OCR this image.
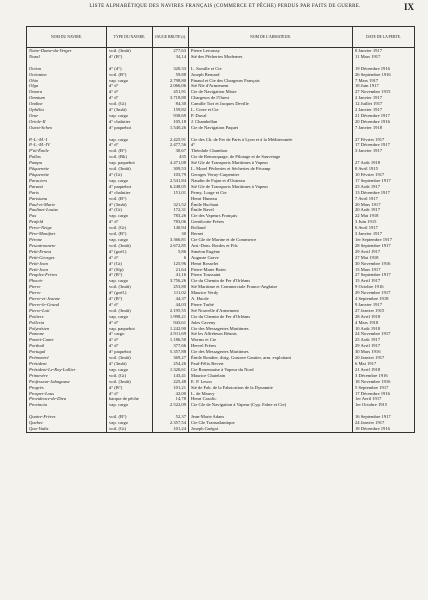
LISTE ALPHABÉTIQUE DES NAVIRES FRANÇAIS (COMMERCE ET PÊCHE) PERDUS PAR FAITS DE GUERRE.	IX
NOM DU NAVIRE.	TYPE DU NAVIRE.	JAUGE BRUTE (t).	NOM DE L'ARMATEUR.	DATE DE LA PERTE.
Notre-Dame-du-Verger	voil. (3mât)	277,63	Pierre Leroussy	8 Janvier 1917
Nozal	d° (B°)	34,14	Sté des Pêcheries Modernes	11 Mars 1917

Océan	d° (d°)	320,33	L. Savalle et Cie	19 Décembre 1916
Océanien	voil. (B°)	59,88	Joseph Bernard	26 Septembre 1916
Ohio	vap. cargo	2.798,80	Pinaud et Cie des Chargeurs Français	7 Mars 1917
Olga	d° d°	2.066,06	Sté Nle d'Armement	18 Juin 1917
Omara	d° d°	451,91	Cie de Navigation Mixte	27 Novembre 1915
Omnium	d° d°	3.718,80	Chargeurs de l'Ouest	2 Janvier 1917
Ondine	voil. (Gt)	84,30	Camille Tort et Jacques Deville	12 Juillet 1917
Ophélia	d° (3mât)	159,82	L. Corre et Cie	2 Janvier 1917
Orar	vap. cargo	938,69	P. Duval	21 Décembre 1917
Oriole-II	d° chalutier	105,18	J. Chambellan	20 Décembre 1916
Ouest-Scheo	d° paquebot	1.540,26	Cie de Navigation Paquet	7 Janvier 1918

P.-L.-M.-I	vap. cargo	2.425,91	Cie des Ch. de Fer de Paris à Lyon et à la Méditerranée	27 Février 1917
P.-L.-M.-IV	d° d°	2.477,56	d°	17 Décembre 1917
P'tit-Émile	voil. (B°)	30,67	Théodule Chambon	3 Janvier 1917
Pallas	voil. (Bk)	435	Cie de Remorquage, de Pilotage et de Sauvetage	
Pampa	vap. paquebot	4.471,08	Sté Gle de Transports Maritimes à Vapeur	27 Août 1918
Pâquerette	voil. (3mât)	309,53	L. Morel Pêcheries et Sécheries de Fécamp	8 Avril 1915
Pâquerette	d° (Gt)	103,79	Georges Verny-Carpentier	10 Février 1917
Paraciers	vap. cargo	2.541,84	Naudin de Fajan et d'Outreau	17 Septembre 1917
Paraná	d° paquebot	6.248,05	Sté Gle de Transports Maritimes à Vapeur	25 Août 1917
Paris	d° chalutier	151,01	Perny, Lorge et Cie	13 Décembre 1917
Parisiana	voil. (B°)		Henri Huneau	7 Avril 1917
Paul-et-Marie	d° (3mât)	321,52	Émile Buchaut	20 Mars 1917
Paulinet-Louise	d° (Gt)	172,31	Émile Ravel	20 Août 1917
Pax	vap. cargo	783,26	Cie des Vapeurs Français	22 Mai 1918
Penfeld	d° d°	783,06	Gentilcotte Frères	3 Juin 1915
Perce-Neige	voil. (Gt)	140,94	Rolland	6 Avril 1917
Père-Montfort	voil. (B°)	30	Bernet	3 Janvier 1917
Pérone	vap. cargo	3.366,81	Cie Gle de Marine et de Commerce	1er Septembre 1917
Pescatronnere	voil. (3mât)	2.672,85	Ant.-Dom. Bordes et Fils	28 Septembre 1917
Petit-Ernest	d° (goél.)	5,86	Siméon Eugène	29 Avril 1917
Petit-Georges	d° d°	6	Auguste Grave	27 Mai 1918
Petit-Jean	d° (Gt)	125,96	Henri Rosselet	30 Novembre 1916
Petit-Jean	d° (Slp)	21,64	Pierre-Marie Botec	15 Mars 1917
Peuples-Frères	d° (B°)	41,16	Pierre Toussaint	27 Septembre 1917
Phocée	vap. cargo	3.756,26	Cie du Chemin de Fer d'Orléans	15 Avril 1917
Pierre	voil. (3mât)	253,80	Sté Maritime et Commerciale Franco-Anglaise	9 Octobre 1916
Pierre	d° (goél.)	111,02	Maurice Verdy	29 Novembre 1917
Pierre-et-Jeanne	d° (B°)	44,37	A. Hucde	4 Septembre 1918
Pierre-le-Grand	d° d°	44,03	Pierre Turbé	9 Janvier 1917
Pierre-Loti	voil. (3mât)	2.195,55	Sté Nouvelle d'Armement	27 Janvier 1915
Poitiers	vap. cargo	1.998,21	Cie du Chemin de Fer d'Orléans	28 Avril 1918
Polleria	d° d°	943,61	Jules Caveny	4 Mars 1918
Polynésien	vap. paquebot	1.242,90	Cie des Messageries Maritimes	10 Août 1918
Pomone	d° cargo	2.911,69	Sté les Affréteurs Réunis	24 Novembre 1917
Pontet-Canet	d° d°	1.186,50	Worms et Cie	25 Août 1917
Porthuil	d° d°	377,66	Hervel Frères	29 Avril 1917
Portugal	d° paquebot	5.357,88	Cie des Messageries Maritimes	30 Mars 1916
Prémontré	voil. (3mât)	369,27	Émile Rondier, dirig. Gustave Gautier, arm. exploitant	20 Janvier 1917
Président	d° (3mât)	254,26	Paul-Félix Revert	6 Mai 1917
Président-Le-Roy-Lallier	vap. cargo	1.320,61	Cie Rouennaise à Vapeur du Nord	21 Avril 1918
Primevère	voil. (Gt)	143,41	Maurice Chatelain	3 Décembre 1916
Professeur-Jabagause	voil. (3mât)	225,48	E. P. Lesou	18 Novembre 1916
Progrès	d° (B°)	101,21	Sté de Fab. de la Fabrication de la Dynamite	5 Septembre 1917
Prosper-Lous	d° d°	42,00	L. de Mauvy	17 Décembre 1916
Providence-de-Dieu	barque de pêche	14,78	Henri Casolic	1er Avril 1917
Provincia	vap. cargo	2.522,09	Cie Gle de Navigation à Vapeur (Cyp. Fabre et Cie)	1er Octobre 1915

Quatre-Frères	voil. (B°)	52,37	Jean-Marie Adam	16 Septembre 1917
Quebec	vap. cargo	2.357,54	Cie Gle Transatlantique	24 Janvier 1917
Quo-Vadis	voil. (Gt)	101,24	Joseph Guégot	18 Décembre 1916
